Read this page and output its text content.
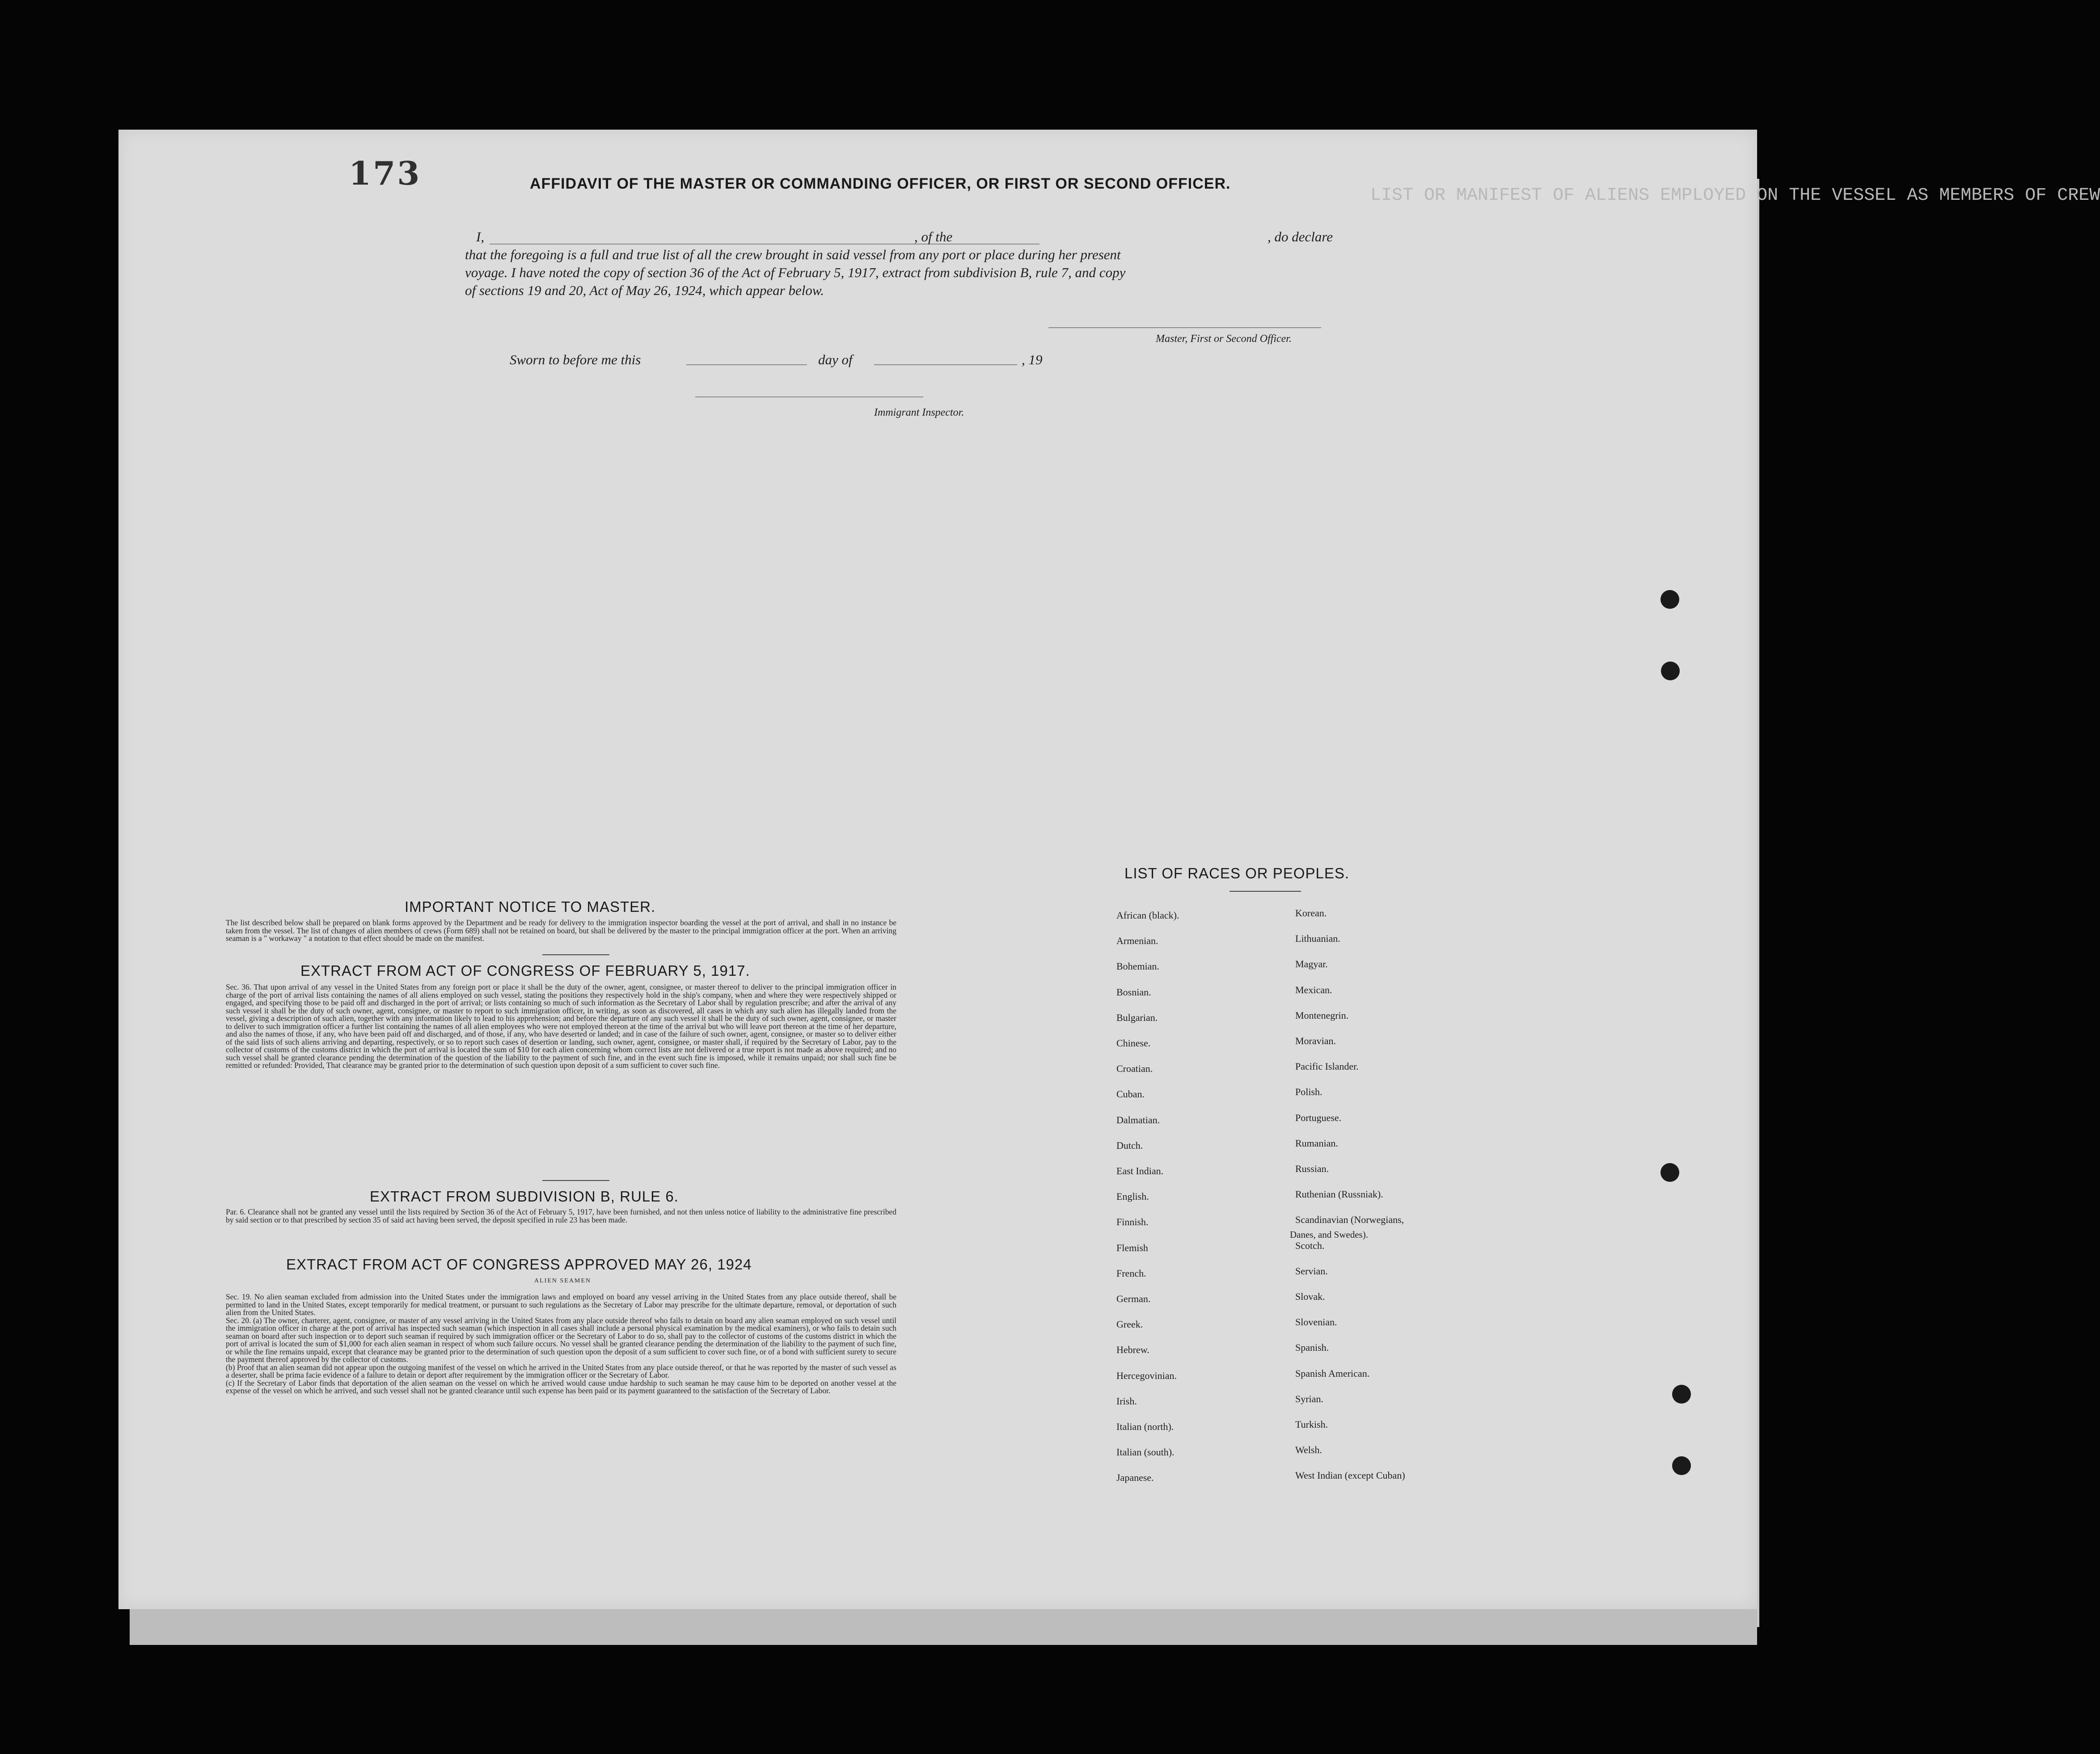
LIST OR MANIFEST OF ALIENS EMPLOYED ON THE VESSEL AS MEMBERS OF CREW
173	AFFIDAVIT OF THE MASTER OR COMMANDING OFFICER, OR FIRST OR SECOND OFFICER.
I,	, of the	, do declare
that the foregoing is a full and true list of all the crew brought in said vessel from any port or place during her present
voyage. I have noted the copy of section 36 of the Act of February 5, 1917, extract from subdivision B, rule 7, and copy
of sections 19 and 20, Act of May 26, 1924, which appear below.
Master, First or Second Officer.
Sworn to before me this	day of	, 19
Immigrant Inspector.
IMPORTANT NOTICE TO MASTER.

The list described below shall be prepared on blank forms approved by the Department and be ready for delivery to the immigration inspector boarding the vessel at the port of arrival, and shall in no instance be taken from the vessel. The list of changes of alien members of crews (Form 689) shall not be retained on board, but shall be delivered by the master to the principal immigration officer at the port. When an arriving seaman is a " workaway " a notation to that effect should be made on the manifest.

EXTRACT FROM ACT OF CONGRESS OF FEBRUARY 5, 1917.

Sec. 36. That upon arrival of any vessel in the United States from any foreign port or place it shall be the duty of the owner, agent, consignee, or master thereof to deliver to the principal immigration officer in charge of the port of arrival lists containing the names of all aliens employed on such vessel, stating the positions they respectively hold in the ship's company, when and where they were respectively shipped or engaged, and specifying those to be paid off and discharged in the port of arrival; or lists containing so much of such information as the Secretary of Labor shall by regulation prescribe; and after the arrival of any such vessel it shall be the duty of such owner, agent, consignee, or master to report to such immigration officer, in writing, as soon as discovered, all cases in which any such alien has illegally landed from the vessel, giving a description of such alien, together with any information likely to lead to his apprehension; and before the departure of any such vessel it shall be the duty of such owner, agent, consignee, or master to deliver to such immigration officer a further list containing the names of all alien employees who were not employed thereon at the time of the arrival but who will leave port thereon at the time of her departure, and also the names of those, if any, who have been paid off and discharged, and of those, if any, who have deserted or landed; and in case of the failure of such owner, agent, consignee, or master so to deliver either of the said lists of such aliens arriving and departing, respectively, or so to report such cases of desertion or landing, such owner, agent, consignee, or master shall, if required by the Secretary of Labor, pay to the collector of customs of the customs district in which the port of arrival is located the sum of $10 for each alien concerning whom correct lists are not delivered or a true report is not made as above required; and no such vessel shall be granted clearance pending the determination of the question of the liability to the payment of such fine, and in the event such fine is imposed, while it remains unpaid; nor shall such fine be remitted or refunded: Provided, That clearance may be granted prior to the determination of such question upon deposit of a sum sufficient to cover such fine.

EXTRACT FROM SUBDIVISION B, RULE 6.

Par. 6. Clearance shall not be granted any vessel until the lists required by Section 36 of the Act of February 5, 1917, have been furnished, and not then unless notice of liability to the administrative fine prescribed by said section or to that prescribed by section 35 of said act having been served, the deposit specified in rule 23 has been made.

EXTRACT FROM ACT OF CONGRESS APPROVED MAY 26, 1924
ALIEN SEAMEN

Sec. 19. No alien seaman excluded from admission into the United States under the immigration laws and employed on board any vessel arriving in the United States from any place outside thereof, shall be permitted to land in the United States, except temporarily for medical treatment, or pursuant to such regulations as the Secretary of Labor may prescribe for the ultimate departure, removal, or deportation of such alien from the United States.

Sec. 20. (a) The owner, charterer, agent, consignee, or master of any vessel arriving in the United States from any place outside thereof who fails to detain on board any alien seaman employed on such vessel until the immigration officer in charge at the port of arrival has inspected such seaman (which inspection in all cases shall include a personal physical examination by the medical examiners), or who fails to detain such seaman on board after such inspection or to deport such seaman if required by such immigration officer or the Secretary of Labor to do so, shall pay to the collector of customs of the customs district in which the port of arrival is located the sum of $1,000 for each alien seaman in respect of whom such failure occurs. No vessel shall be granted clearance pending the determination of the liability to the payment of such fine, or while the fine remains unpaid, except that clearance may be granted prior to the determination of such question upon the deposit of a sum sufficient to cover such fine, or of a bond with sufficient surety to secure the payment thereof approved by the collector of customs.

(b) Proof that an alien seaman did not appear upon the outgoing manifest of the vessel on which he arrived in the United States from any place outside thereof, or that he was reported by the master of such vessel as a deserter, shall be prima facie evidence of a failure to detain or deport after requirement by the immigration officer or the Secretary of Labor.

(c) If the Secretary of Labor finds that deportation of the alien seaman on the vessel on which he arrived would cause undue hardship to such seaman he may cause him to be deported on another vessel at the expense of the vessel on which he arrived, and such vessel shall not be granted clearance until such expense has been paid or its payment guaranteed to the satisfaction of the Secretary of Labor.

LIST OF RACES OR PEOPLES.
African (black).
Armenian.
Bohemian.
Bosnian.
Bulgarian.
Chinese.
Croatian.
Cuban.
Dalmatian.
Dutch.
East Indian.
English.
Finnish.
Flemish
French.
German.
Greek.
Hebrew.
Hercegovinian.
Irish.
Italian (north).
Italian (south).
Japanese.
Korean.
Lithuanian.
Magyar.
Mexican.
Montenegrin.
Moravian.
Pacific Islander.
Polish.
Portuguese.
Rumanian.
Russian.
Ruthenian (Russniak).
Scandinavian (Norwegians,
Scotch.
Servian.
Slovak.
Slovenian.
Spanish.
Spanish American.
Syrian.
Turkish.
Welsh.
West Indian (except Cuban)
Danes, and Swedes).
